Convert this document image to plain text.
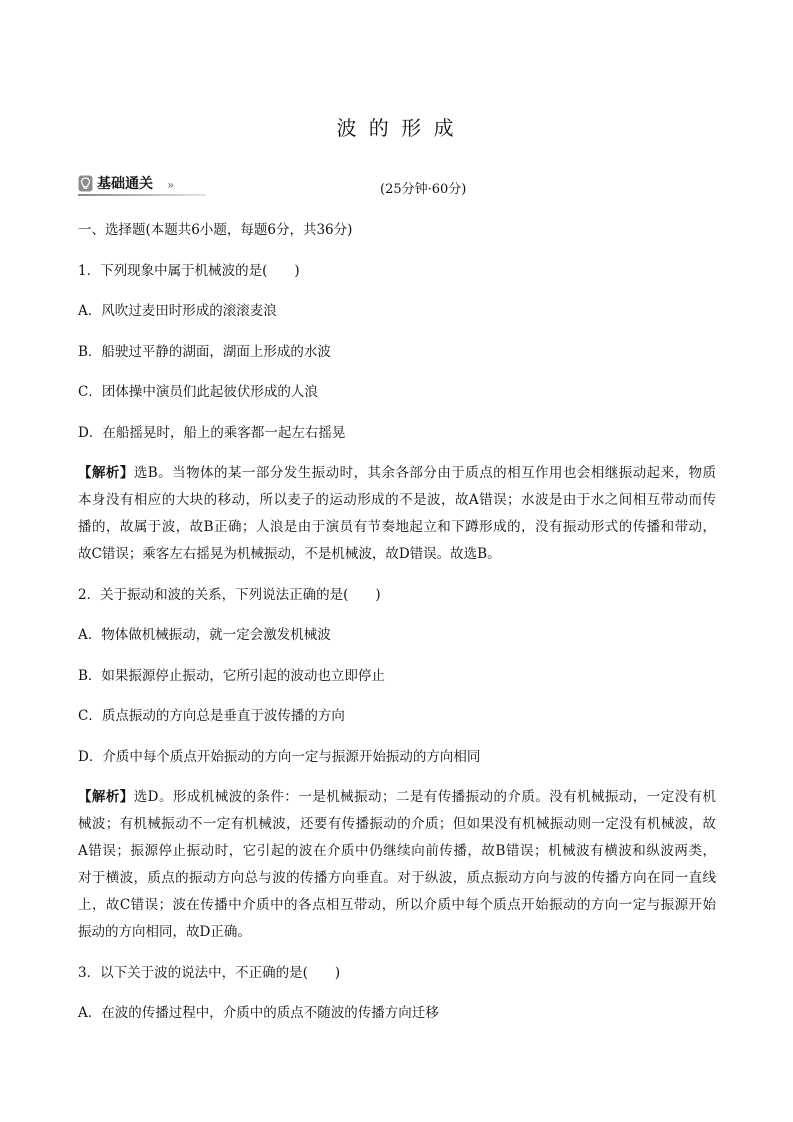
波 的 形 成
基础通关 »	(25分钟·60分)
一、选择题(本题共6小题，每题6分，共36分)
1．下列现象中属于机械波的是(　　)
A．风吹过麦田时形成的滚滚麦浪
B．船驶过平静的湖面，湖面上形成的水波
C．团体操中演员们此起彼伏形成的人浪
D．在船摇晃时，船上的乘客都一起左右摇晃
【解析】选B。当物体的某一部分发生振动时，其余各部分由于质点的相互作用也会相继振动起来，物质
本身没有相应的大块的移动，所以麦子的运动形成的不是波，故A错误；水波是由于水之间相互带动而传
播的，故属于波，故B正确；人浪是由于演员有节奏地起立和下蹲形成的，没有振动形式的传播和带动，
故C错误；乘客左右摇晃为机械振动，不是机械波，故D错误。故选B。
2．关于振动和波的关系，下列说法正确的是(　　)
A．物体做机械振动，就一定会激发机械波
B．如果振源停止振动，它所引起的波动也立即停止
C．质点振动的方向总是垂直于波传播的方向
D．介质中每个质点开始振动的方向一定与振源开始振动的方向相同
【解析】选D。形成机械波的条件：一是机械振动；二是有传播振动的介质。没有机械振动，一定没有机
械波；有机械振动不一定有机械波，还要有传播振动的介质；但如果没有机械振动则一定没有机械波，故
A错误；振源停止振动时，它引起的波在介质中仍继续向前传播，故B错误；机械波有横波和纵波两类，
对于横波，质点的振动方向总与波的传播方向垂直。对于纵波，质点振动方向与波的传播方向在同一直线
上，故C错误；波在传播中介质中的各点相互带动，所以介质中每个质点开始振动的方向一定与振源开始
振动的方向相同，故D正确。
3．以下关于波的说法中，不正确的是(　　)
A．在波的传播过程中，介质中的质点不随波的传播方向迁移
